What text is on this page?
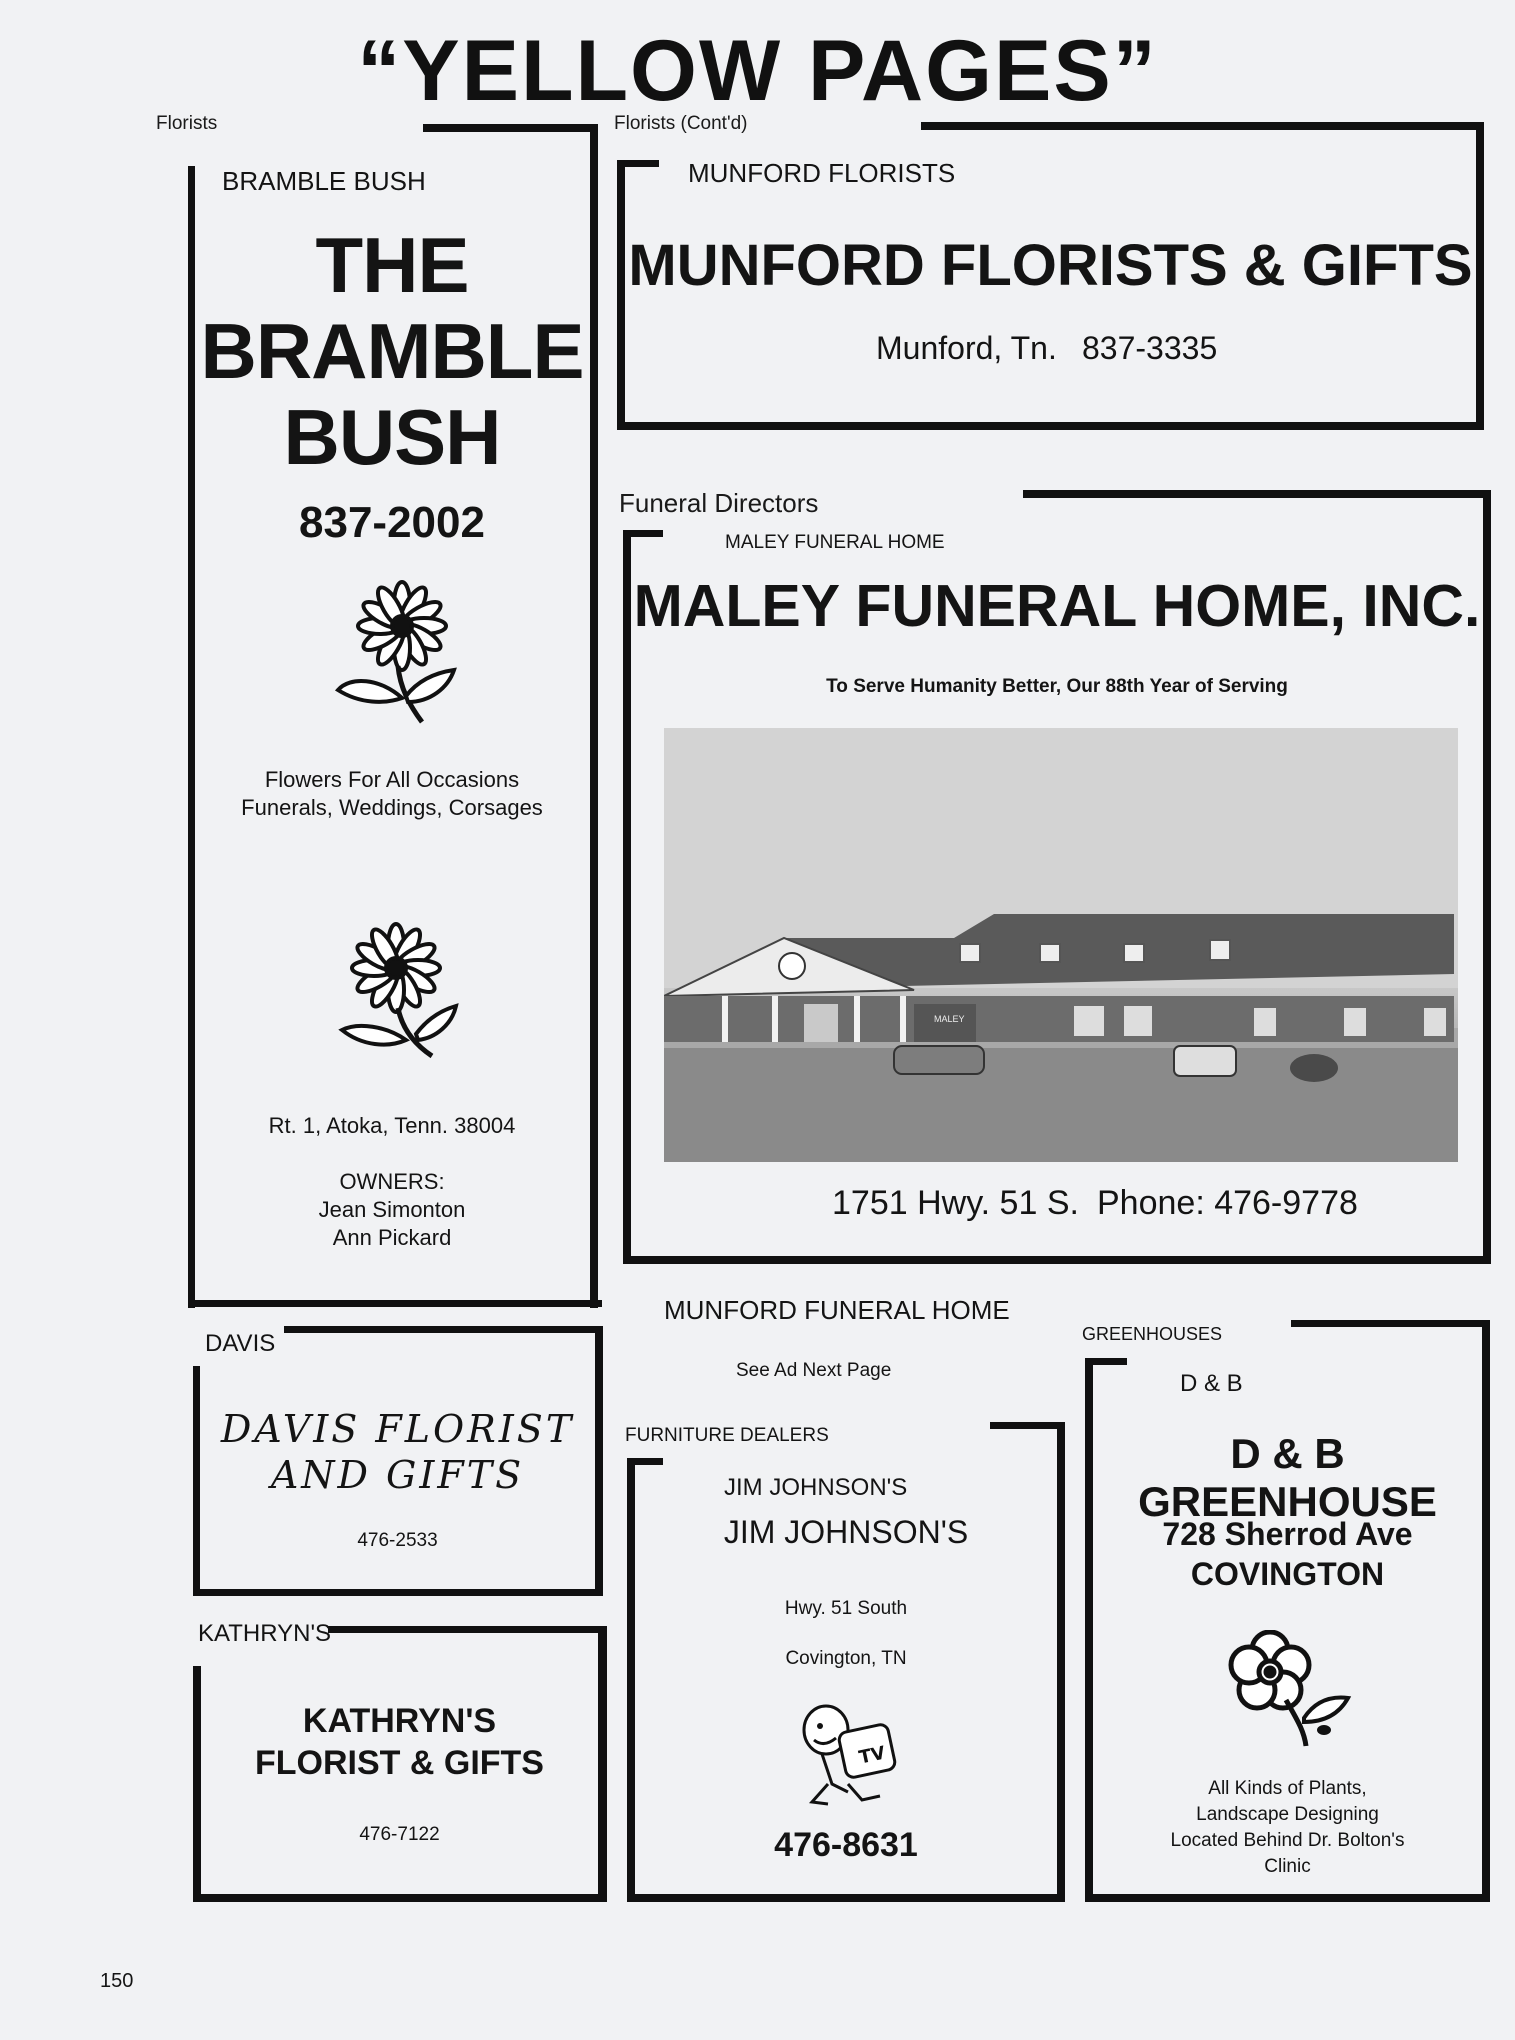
“YELLOW PAGES”
Florists	Florists (Cont'd)
Funeral Directors
FURNITURE DEALERS
GREENHOUSES
BRAMBLE BUSH
THE
BRAMBLE
BUSH
837-2002
Flowers For All Occasions
Funerals, Weddings, Corsages
Rt. 1, Atoka, Tenn. 38004
OWNERS:
Jean Simonton
Ann Pickard
MUNFORD FLORISTS
MUNFORD FLORISTS & GIFTS
Munford, Tn. 837-3335
MALEY FUNERAL HOME
MALEY FUNERAL HOME, INC.
To Serve Humanity Better, Our 88th Year of Serving
MALEY
1751 Hwy. 51 S. Phone: 476-9778
DAVIS
DAVIS FLORIST
AND GIFTS
476-2533
KATHRYN'S
KATHRYN'S
FLORIST & GIFTS
476-7122
MUNFORD FUNERAL HOME
See Ad Next Page
JIM JOHNSON'S
JIM JOHNSON'S
Hwy. 51 South
Covington, TN
TV
476-8631
D & B
D & B GREENHOUSE
728 Sherrod Ave
COVINGTON
All Kinds of Plants,
Landscape Designing
Located Behind Dr. Bolton's
Clinic
150
